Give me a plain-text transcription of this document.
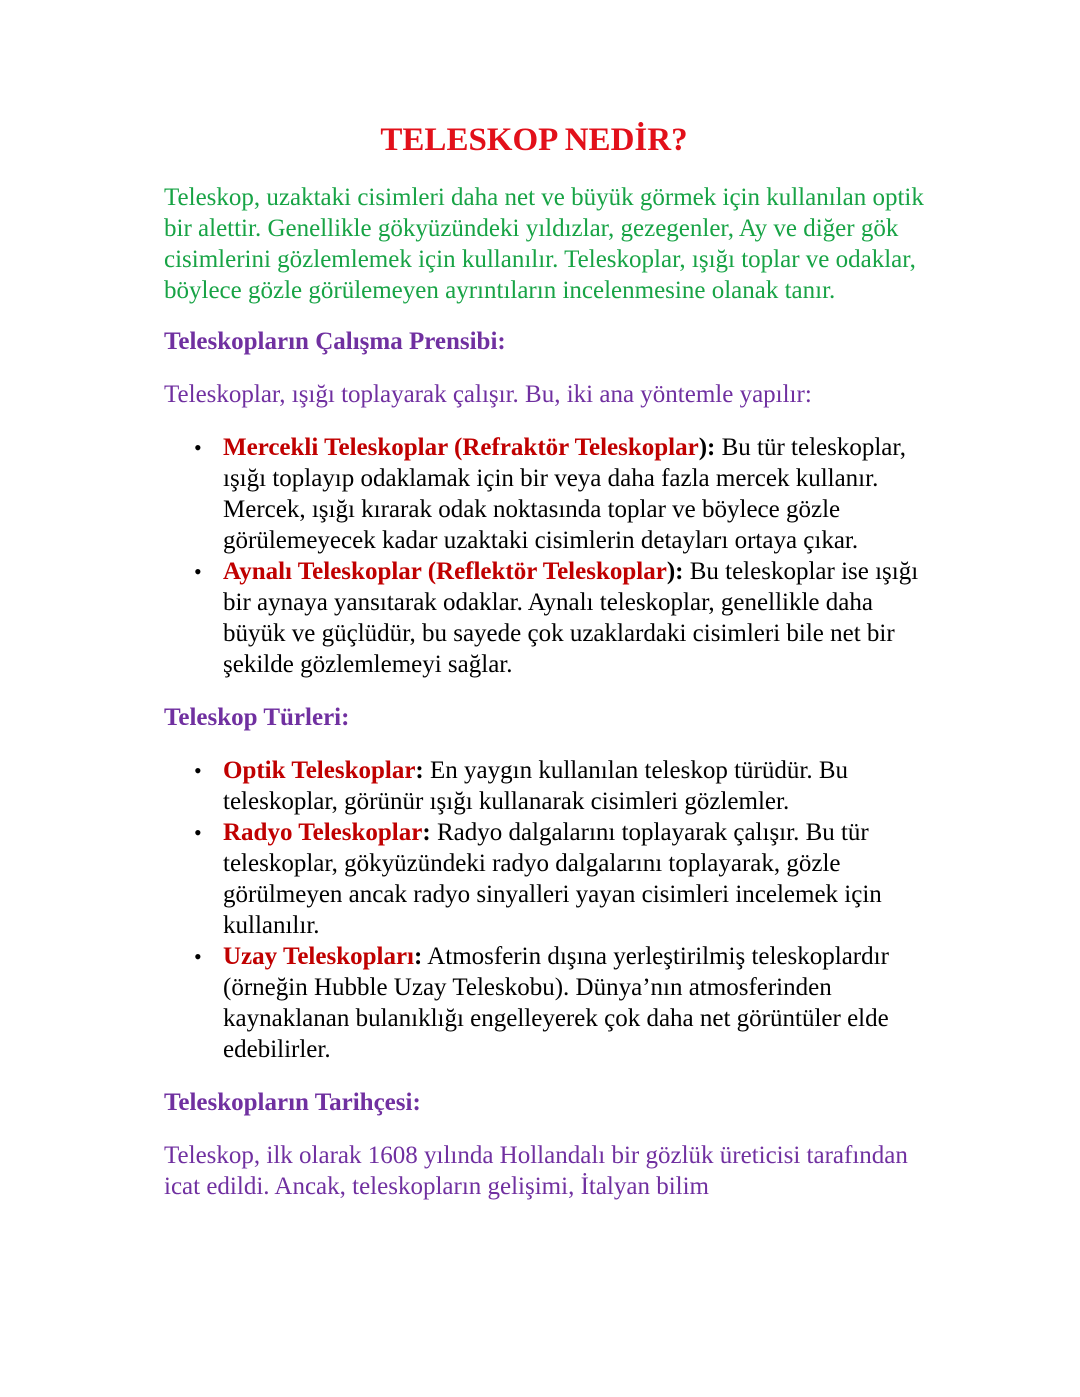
TELESKOP NEDİR?

Teleskop, uzaktaki cisimleri daha net ve büyük görmek için kullanılan optik bir alettir. Genellikle gökyüzündeki yıldızlar, gezegenler, Ay ve diğer gök cisimlerini gözlemlemek için kullanılır. Teleskoplar, ışığı toplar ve odaklar, böylece gözle görülemeyen ayrıntıların incelenmesine olanak tanır.

Teleskopların Çalışma Prensibi:

Teleskoplar, ışığı toplayarak çalışır. Bu, iki ana yöntemle yapılır:

• Mercekli Teleskoplar (Refraktör Teleskoplar): Bu tür teleskoplar, ışığı toplayıp odaklamak için bir veya daha fazla mercek kullanır. Mercek, ışığı kırarak odak noktasında toplar ve böylece gözle görülemeyecek kadar uzaktaki cisimlerin detayları ortaya çıkar.
• Aynalı Teleskoplar (Reflektör Teleskoplar): Bu teleskoplar ise ışığı bir aynaya yansıtarak odaklar. Aynalı teleskoplar, genellikle daha büyük ve güçlüdür, bu sayede çok uzaklardaki cisimleri bile net bir şekilde gözlemlemeyi sağlar.

Teleskop Türleri:

• Optik Teleskoplar: En yaygın kullanılan teleskop türüdür. Bu teleskoplar, görünür ışığı kullanarak cisimleri gözlemler.
• Radyo Teleskoplar: Radyo dalgalarını toplayarak çalışır. Bu tür teleskoplar, gökyüzündeki radyo dalgalarını toplayarak, gözle görülmeyen ancak radyo sinyalleri yayan cisimleri incelemek için kullanılır.
• Uzay Teleskopları: Atmosferin dışına yerleştirilmiş teleskoplardır (örneğin Hubble Uzay Teleskobu). Dünya’nın atmosferinden kaynaklanan bulanıklığı engelleyerek çok daha net görüntüler elde edebilirler.

Teleskopların Tarihçesi:

Teleskop, ilk olarak 1608 yılında Hollandalı bir gözlük üreticisi tarafından icat edildi. Ancak, teleskopların gelişimi, İtalyan bilim
